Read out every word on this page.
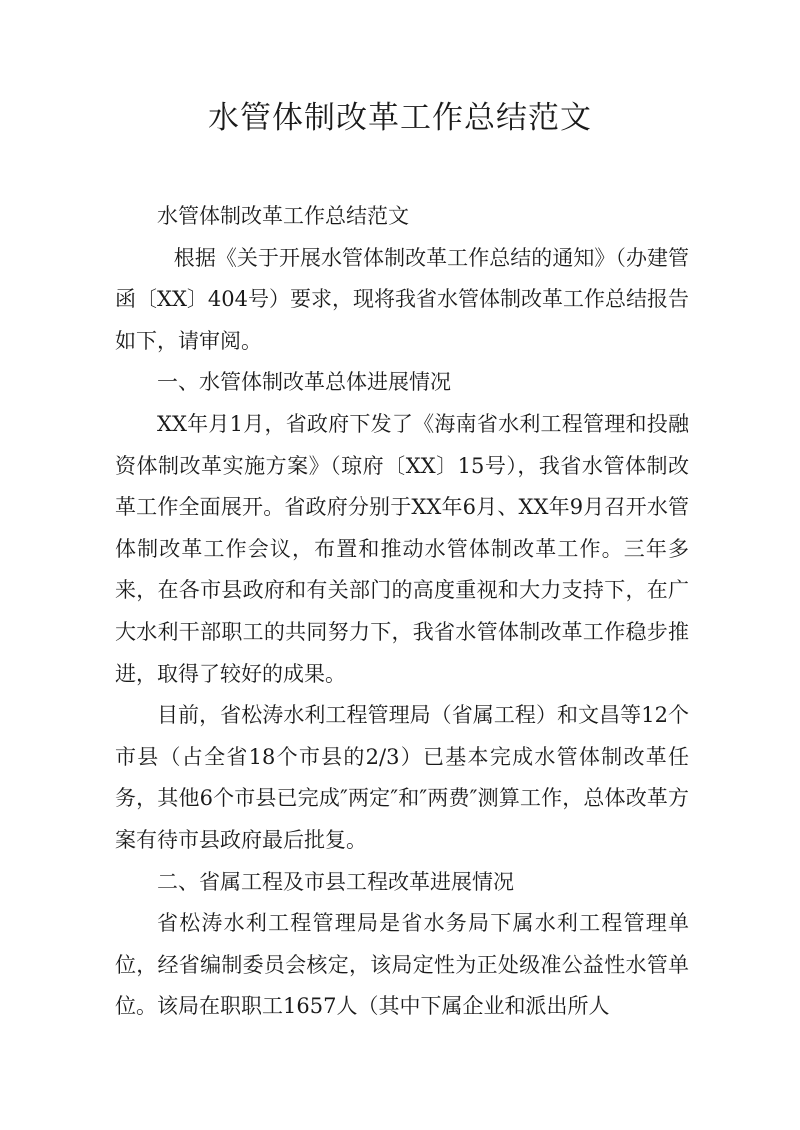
水管体制改革工作总结范文

水管体制改革工作总结范文

根据《关于开展水管体制改革工作总结的通知》（办建管函〔XX〕404号）要求，现将我省水管体制改革工作总结报告如下，请审阅。

一、水管体制改革总体进展情况

XX年月1月，省政府下发了《海南省水利工程管理和投融资体制改革实施方案》（琼府〔XX〕15号），我省水管体制改革工作全面展开。省政府分别于XX年6月、XX年9月召开水管体制改革工作会议，布置和推动水管体制改革工作。三年多来，在各市县政府和有关部门的高度重视和大力支持下，在广大水利干部职工的共同努力下，我省水管体制改革工作稳步推进，取得了较好的成果。

目前，省松涛水利工程管理局（省属工程）和文昌等12个市县（占全省18个市县的2/3）已基本完成水管体制改革任务，其他6个市县已完成″两定″和″两费″测算工作，总体改革方案有待市县政府最后批复。

二、省属工程及市县工程改革进展情况

省松涛水利工程管理局是省水务局下属水利工程管理单位，经省编制委员会核定，该局定性为正处级准公益性水管单位。该局在职职工1657人（其中下属企业和派出所人
